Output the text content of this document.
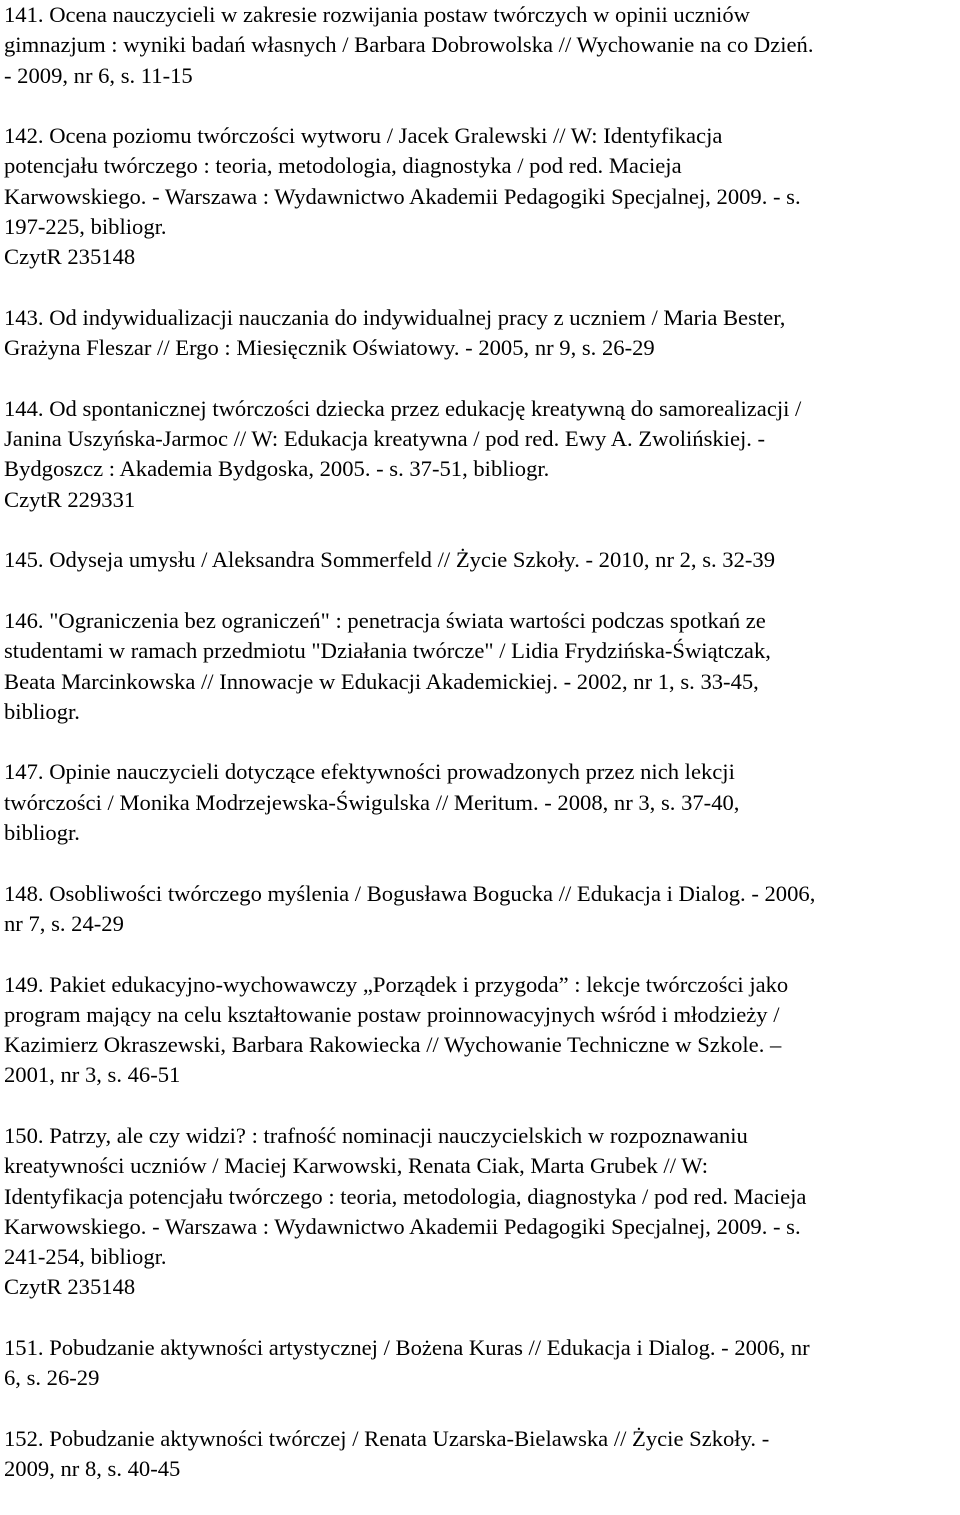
141. Ocena nauczycieli w zakresie rozwijania postaw twórczych w opinii uczniów
gimnazjum : wyniki badań własnych / Barbara Dobrowolska // Wychowanie na co Dzień.
- 2009, nr 6, s. 11-15
142. Ocena poziomu twórczości wytworu / Jacek Gralewski // W: Identyfikacja
potencjału twórczego : teoria, metodologia, diagnostyka / pod red. Macieja
Karwowskiego. - Warszawa : Wydawnictwo Akademii Pedagogiki Specjalnej, 2009. - s.
197-225, bibliogr.
CzytR 235148
143. Od indywidualizacji nauczania do indywidualnej pracy z uczniem / Maria Bester,
Grażyna Fleszar // Ergo : Miesięcznik Oświatowy. - 2005, nr 9, s. 26-29
144. Od spontanicznej twórczości dziecka przez edukację kreatywną do samorealizacji /
Janina Uszyńska-Jarmoc // W: Edukacja kreatywna / pod red. Ewy A. Zwolińskiej. -
Bydgoszcz : Akademia Bydgoska, 2005. - s. 37-51, bibliogr.
CzytR 229331
145. Odyseja umysłu / Aleksandra Sommerfeld // Życie Szkoły. - 2010, nr 2, s. 32-39
146. "Ograniczenia bez ograniczeń" : penetracja świata wartości podczas spotkań ze
studentami w ramach przedmiotu "Działania twórcze" / Lidia Frydzińska-Świątczak,
Beata Marcinkowska // Innowacje w Edukacji Akademickiej. - 2002, nr 1, s. 33-45,
bibliogr.
147. Opinie nauczycieli dotyczące efektywności prowadzonych przez nich lekcji
twórczości / Monika Modrzejewska-Świgulska // Meritum. - 2008, nr 3, s. 37-40,
bibliogr.
148. Osobliwości twórczego myślenia / Bogusława Bogucka // Edukacja i Dialog. - 2006,
nr 7, s. 24-29
149. Pakiet edukacyjno-wychowawczy „Porządek i przygoda” : lekcje twórczości jako
program mający na celu kształtowanie postaw proinnowacyjnych wśród i młodzieży /
Kazimierz Okraszewski, Barbara Rakowiecka // Wychowanie Techniczne w Szkole. –
2001, nr 3, s. 46-51
150. Patrzy, ale czy widzi? : trafność nominacji nauczycielskich w rozpoznawaniu
kreatywności uczniów / Maciej Karwowski, Renata Ciak, Marta Grubek // W:
Identyfikacja potencjału twórczego : teoria, metodologia, diagnostyka / pod red. Macieja
Karwowskiego. - Warszawa : Wydawnictwo Akademii Pedagogiki Specjalnej, 2009. - s.
241-254, bibliogr.
CzytR 235148
151. Pobudzanie aktywności artystycznej / Bożena Kuras // Edukacja i Dialog. - 2006, nr
6, s. 26-29
152. Pobudzanie aktywności twórczej / Renata Uzarska-Bielawska // Życie Szkoły. -
2009, nr 8, s. 40-45
